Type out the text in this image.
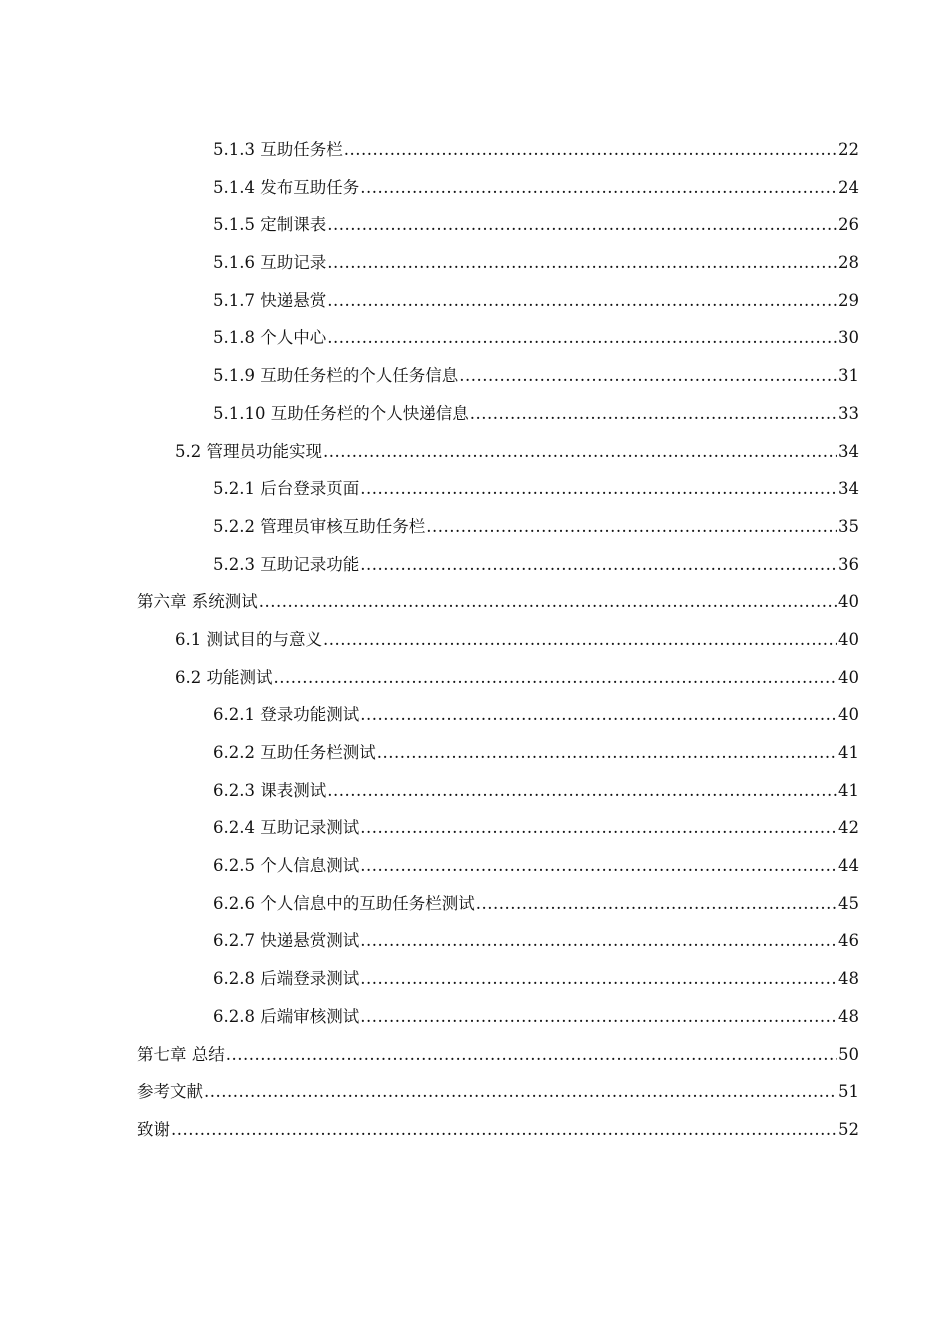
5.1.3 互助任务栏 .....	22
5.1.4 发布互助任务 .....	24
5.1.5 定制课表 .....	26
5.1.6 互助记录 .....	28
5.1.7 快递悬赏 .....	29
5.1.8 个人中心 .....	30
5.1.9 互助任务栏的个人任务信息 .....	31
5.1.10 互助任务栏的个人快递信息 .....	33
5.2 管理员功能实现 .....	34
5.2.1 后台登录页面 .....	34
5.2.2 管理员审核互助任务栏 .....	35
5.2.3 互助记录功能 .....	36
第六章 系统测试 .....	40
6.1 测试目的与意义 .....	40
6.2 功能测试 .....	40
6.2.1 登录功能测试 .....	40
6.2.2 互助任务栏测试 .....	41
6.2.3 课表测试 .....	41
6.2.4 互助记录测试 .....	42
6.2.5 个人信息测试 .....	44
6.2.6 个人信息中的互助任务栏测试 .....	45
6.2.7 快递悬赏测试 .....	46
6.2.8 后端登录测试 .....	48
6.2.8 后端审核测试 .....	48
第七章 总结 .....	50
参考文献 .....	51
致谢 .....	52
